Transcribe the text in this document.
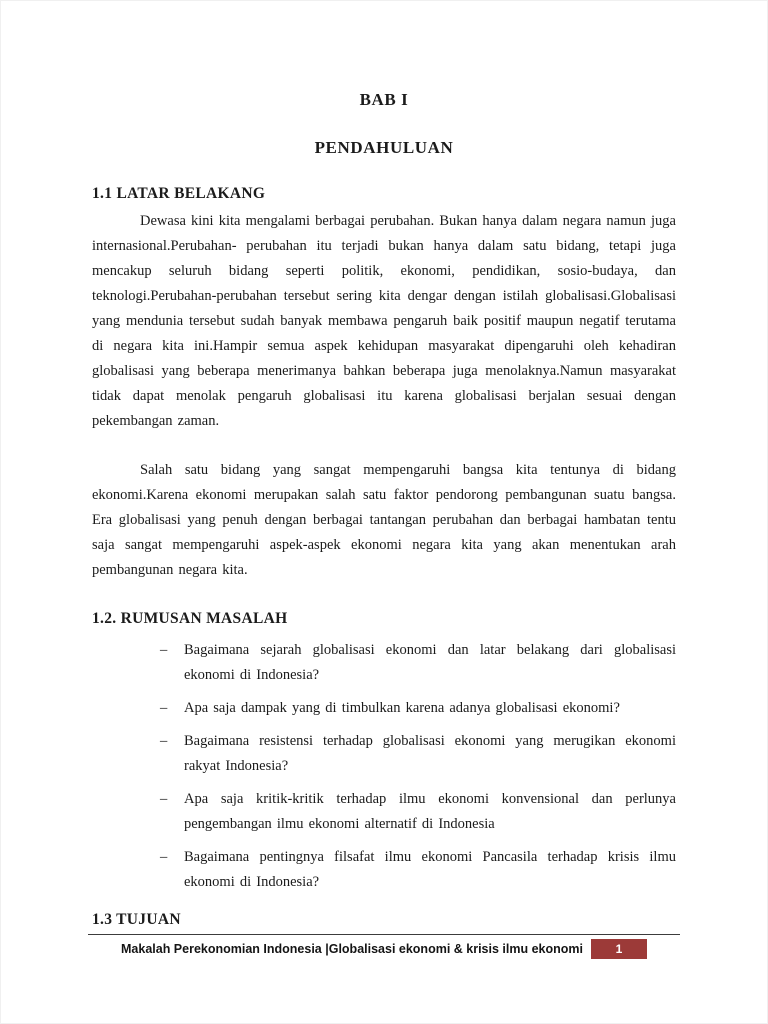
BAB I
PENDAHULUAN
1.1 LATAR BELAKANG

Dewasa kini kita mengalami berbagai perubahan. Bukan hanya dalam negara namun juga internasional.Perubahan- perubahan itu terjadi bukan hanya dalam satu bidang, tetapi juga mencakup seluruh bidang seperti politik, ekonomi, pendidikan, sosio-budaya, dan teknologi.Perubahan-perubahan tersebut sering kita dengar dengan istilah globalisasi.Globalisasi yang mendunia tersebut sudah banyak membawa pengaruh baik positif maupun negatif terutama di negara kita ini.Hampir semua aspek kehidupan masyarakat dipengaruhi oleh kehadiran globalisasi yang beberapa menerimanya bahkan beberapa juga menolaknya.Namun masyarakat tidak dapat menolak pengaruh globalisasi itu karena globalisasi berjalan sesuai dengan pekembangan zaman.

Salah satu bidang yang sangat mempengaruhi bangsa kita tentunya di bidang ekonomi.Karena ekonomi merupakan salah satu faktor pendorong pembangunan suatu bangsa. Era globalisasi yang penuh dengan berbagai tantangan perubahan dan berbagai hambatan tentu saja sangat mempengaruhi aspek-aspek ekonomi negara kita yang akan menentukan arah pembangunan negara kita.

1.2. RUMUSAN MASALAH
–	Bagaimana sejarah globalisasi ekonomi dan latar belakang dari globalisasi ekonomi di Indonesia?
–	Apa saja dampak yang di timbulkan karena adanya globalisasi ekonomi?
–	Bagaimana resistensi terhadap globalisasi ekonomi yang merugikan ekonomi rakyat Indonesia?
–	Apa saja kritik-kritik terhadap ilmu ekonomi konvensional dan perlunya pengembangan ilmu ekonomi alternatif di Indonesia
–	Bagaimana pentingnya filsafat ilmu ekonomi Pancasila terhadap krisis ilmu ekonomi di Indonesia?
1.3 TUJUAN
Makalah Perekonomian Indonesia |Globalisasi ekonomi & krisis ilmu ekonomi	1
